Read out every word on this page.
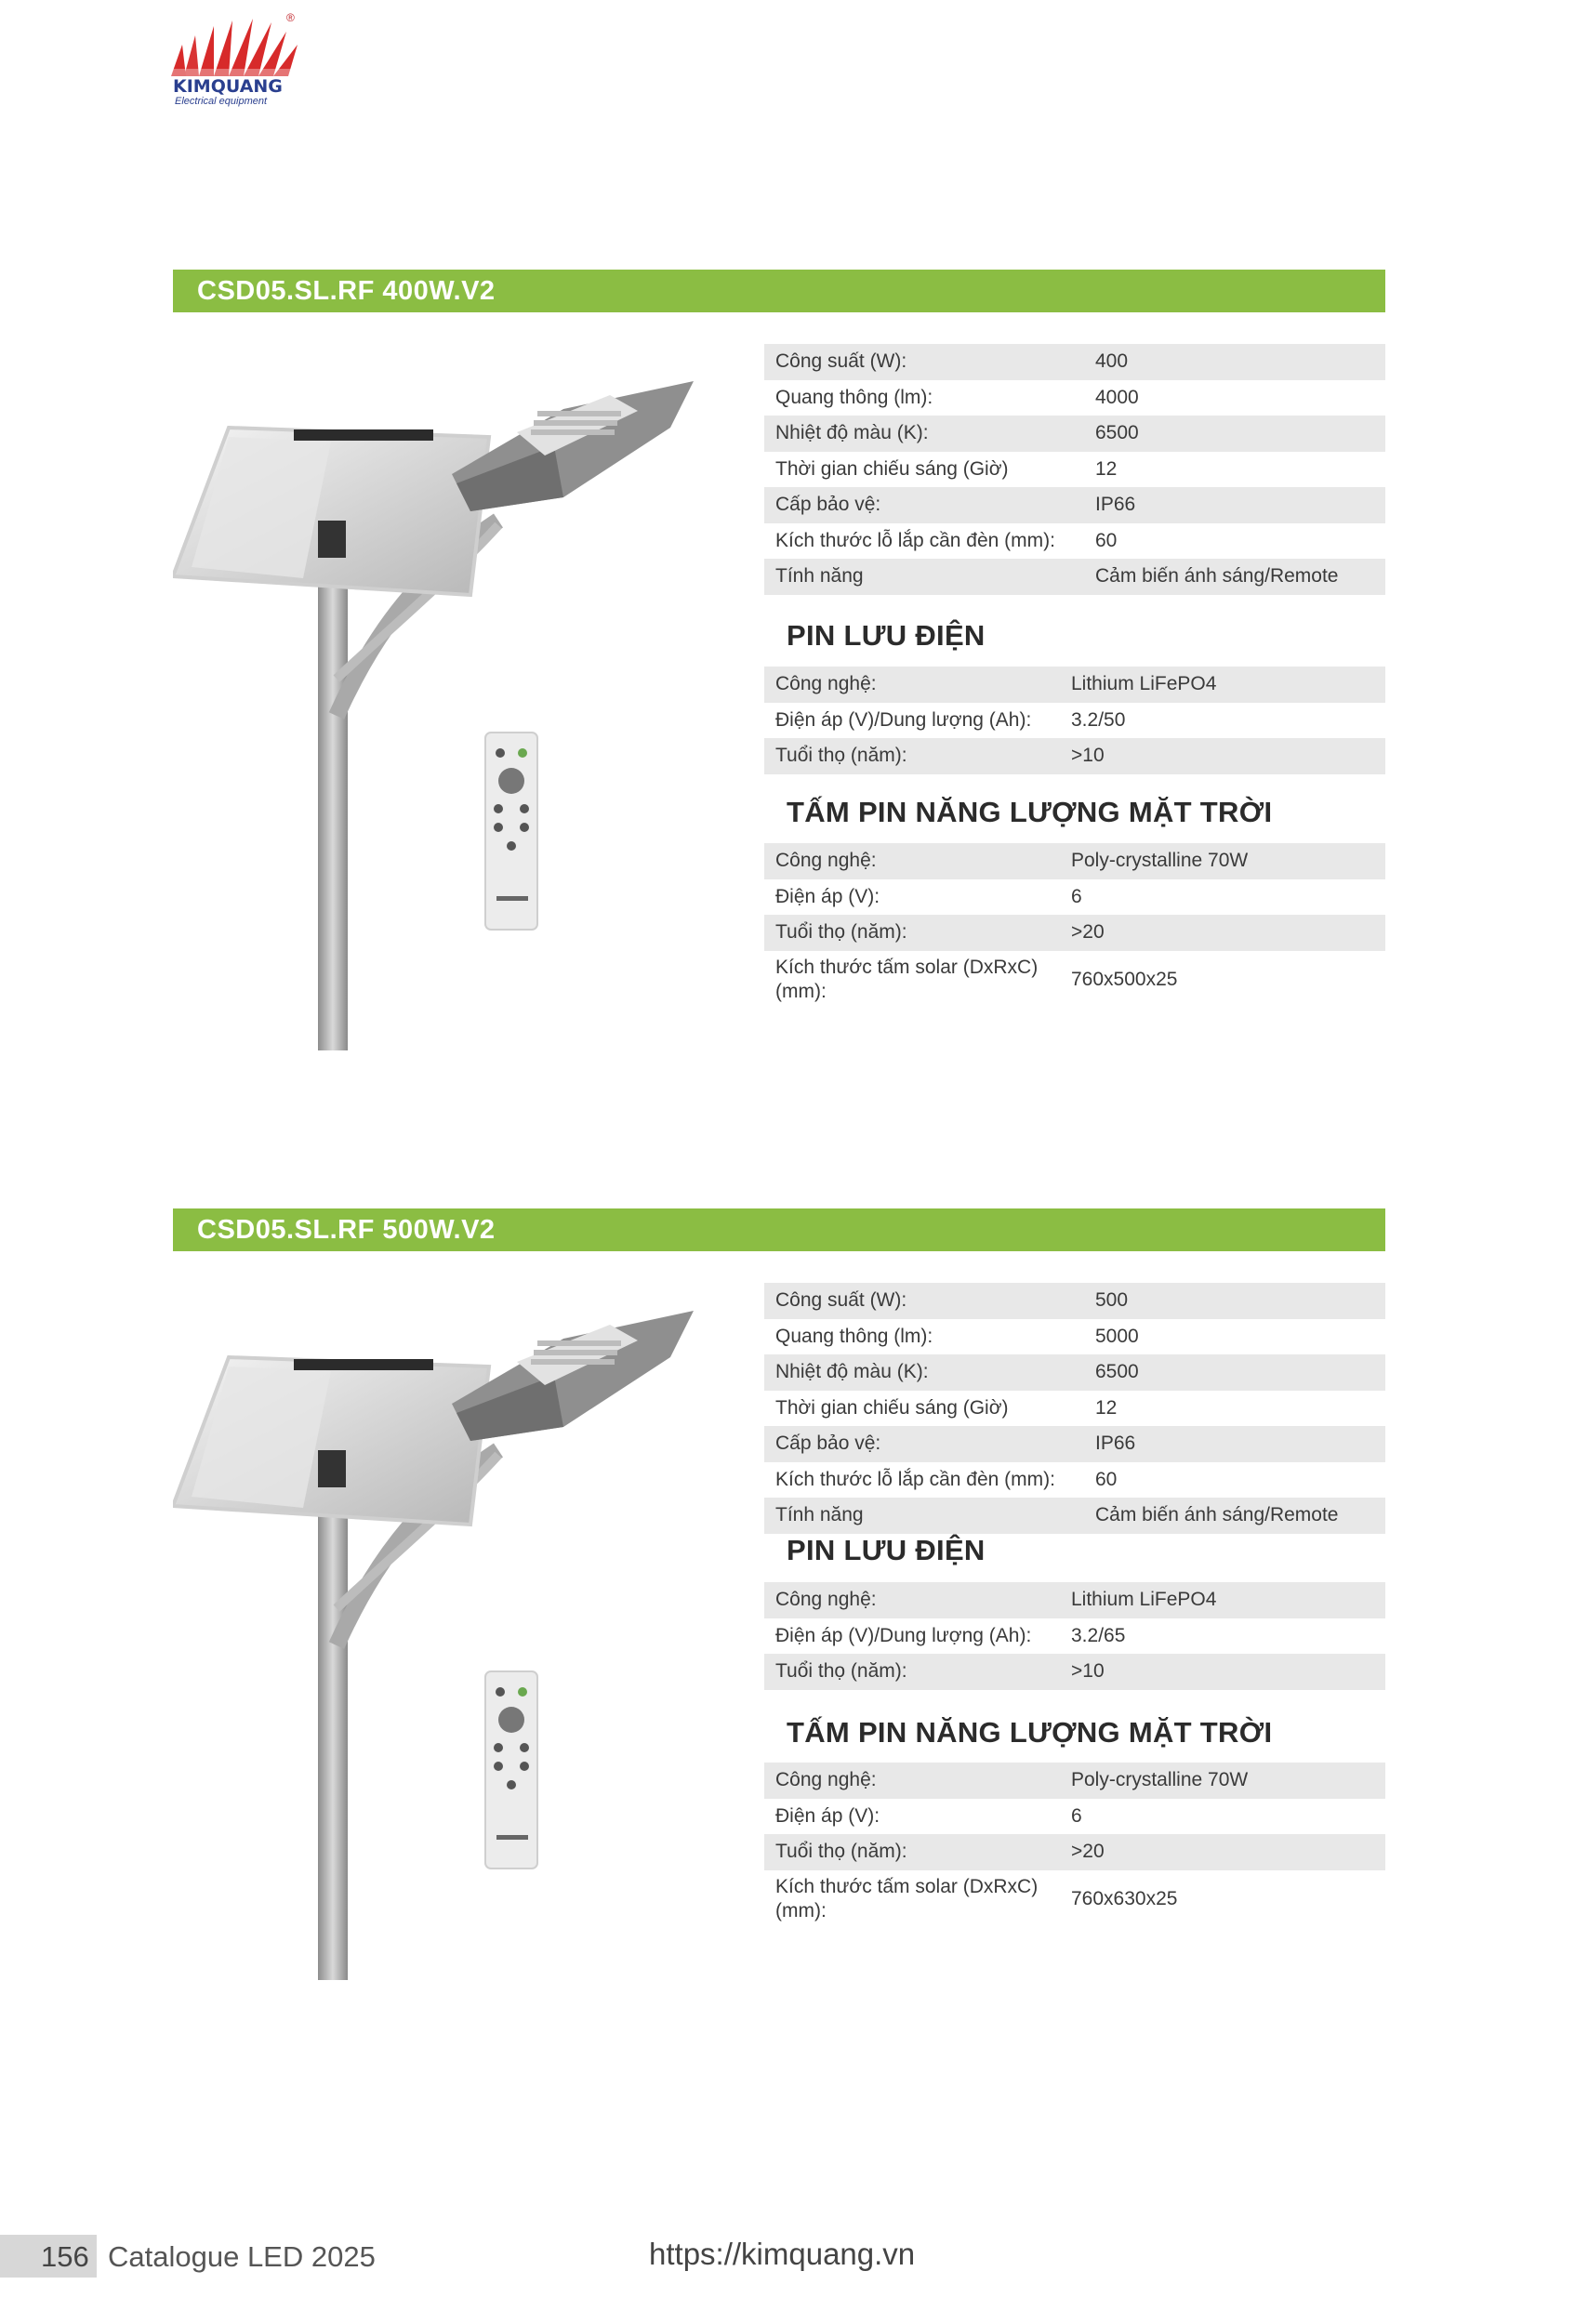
®
KIMQUANG
Electrical equipment
CSD05.SL.RF 400W.V2
Công suất (W):	400
Quang thông (lm):	4000
Nhiệt độ màu (K):	6500
Thời gian chiếu sáng (Giờ)	12
Cấp bảo vệ:	IP66
Kích thước lỗ lắp cần đèn (mm):	60
Tính năng	Cảm biến ánh sáng/Remote
PIN LƯU ĐIỆN
Công nghệ:	Lithium LiFePO4
Điện áp (V)/Dung lượng (Ah):	3.2/50
Tuổi thọ (năm):	>10
TẤM PIN NĂNG LƯỢNG MẶT TRỜI
Công nghệ:	Poly-crystalline 70W
Điện áp (V):	6
Tuổi thọ (năm):	>20
Kích thước tấm solar (DxRxC) (mm):	760x500x25
CSD05.SL.RF 500W.V2
Công suất (W):	500
Quang thông (lm):	5000
Nhiệt độ màu (K):	6500
Thời gian chiếu sáng (Giờ)	12
Cấp bảo vệ:	IP66
Kích thước lỗ lắp cần đèn (mm):	60
Tính năng	Cảm biến ánh sáng/Remote
PIN LƯU ĐIỆN
Công nghệ:	Lithium LiFePO4
Điện áp (V)/Dung lượng (Ah):	3.2/65
Tuổi thọ (năm):	>10
TẤM PIN NĂNG LƯỢNG MẶT TRỜI
Công nghệ:	Poly-crystalline 70W
Điện áp (V):	6
Tuổi thọ (năm):	>20
Kích thước tấm solar (DxRxC) (mm):	760x630x25
156 Catalogue LED 2025	https://kimquang.vn
